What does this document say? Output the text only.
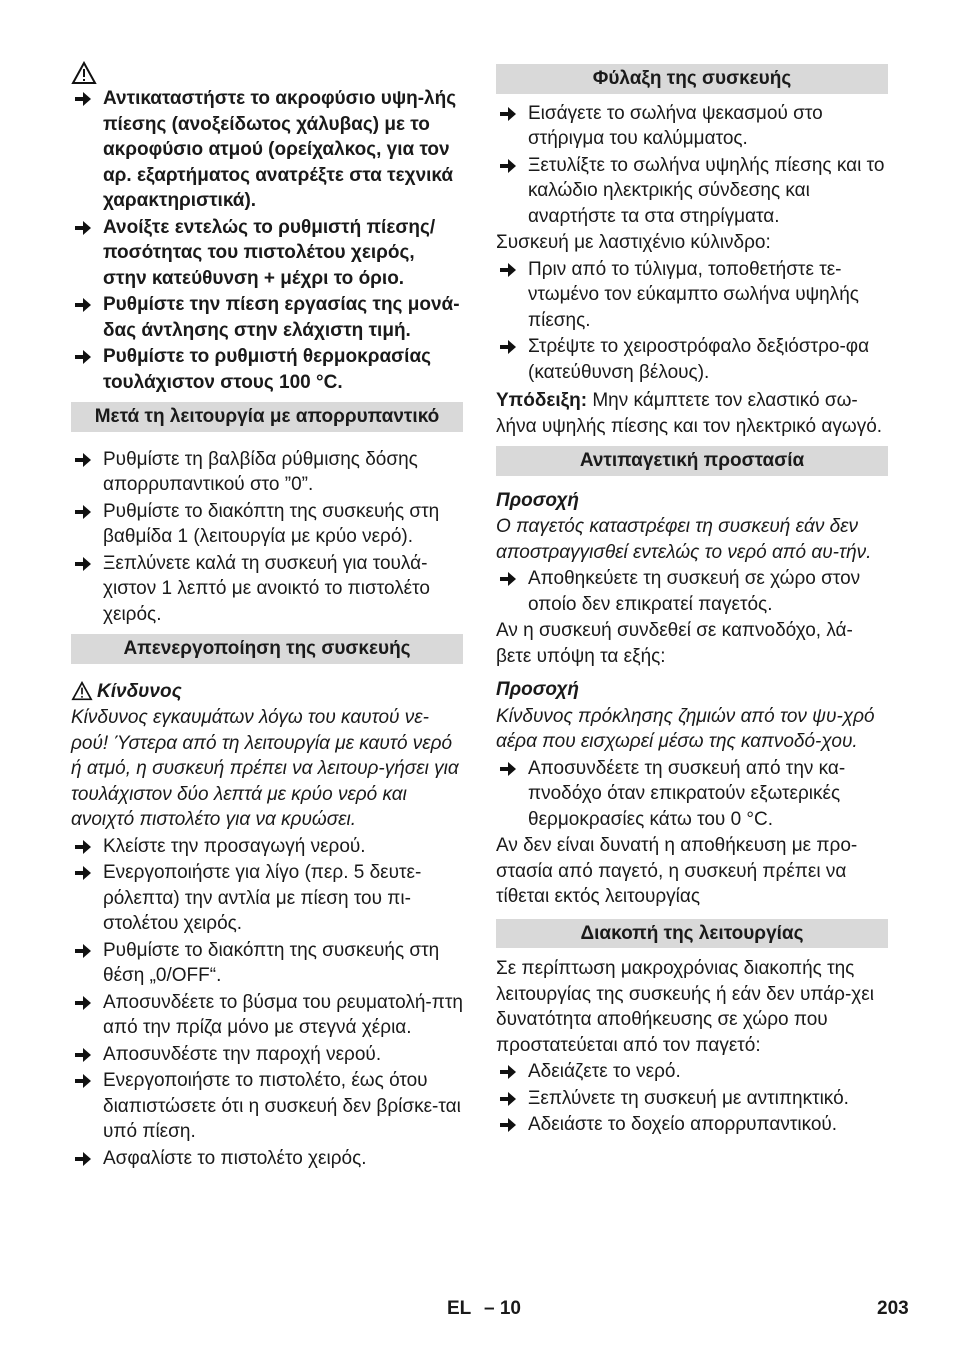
Αντικαταστήστε το ακροφύσιο υψη-λής πίεσης (ανοξείδωτος χάλυβας) με το ακροφύσιο ατμού (ορείχαλκος, για τον αρ. εξαρτήματος ανατρέξτε στα τεχνικά χαρακτηριστικά).
Ανοίξτε εντελώς το ρυθμιστή πίεσης/ποσότητας του πιστολέτου χειρός, στην κατεύθυνση + μέχρι το όριο.
Ρυθμίστε την πίεση εργασίας της μονά-δας άντλησης στην ελάχιστη τιμή.
Ρυθμίστε το ρυθμιστή θερμοκρασίας τουλάχιστον στους 100 °C.
Μετά τη λειτουργία με απορρυπαντικό
Ρυθμίστε τη βαλβίδα ρύθμισης δόσης απορρυπαντικού στο ”0”.
Ρυθμίστε το διακόπτη της συσκευής στη βαθμίδα 1 (λειτουργία με κρύο νερό).
Ξεπλύνετε καλά τη συσκευή για τουλά-χιστον 1 λεπτό με ανοικτό το πιστολέτο χειρός.
Απενεργοποίηση της συσκευής
Κίνδυνος
Κίνδυνος εγκαυμάτων λόγω του καυτού νε-ρού! Ύστερα από τη λειτουργία με καυτό νερό ή ατμό, η συσκευή πρέπει να λειτουρ-γήσει για τουλάχιστον δύο λεπτά με κρύο νερό και ανοιχτό πιστολέτο για να κρυώσει.
Κλείστε την προσαγωγή νερού.
Ενεργοποιήστε για λίγο (περ. 5 δευτε-ρόλεπτα) την αντλία με πίεση του πι-στολέτου χειρός.
Ρυθμίστε το διακόπτη της συσκευής στη θέση „0/OFF“.
Αποσυνδέετε το βύσμα του ρευματολή-πτη από την πρίζα μόνο με στεγνά χέρια.
Αποσυνδέστε την παροχή νερού.
Ενεργοποιήστε το πιστολέτο, έως ότου διαπιστώσετε ότι η συσκευή δεν βρίσκε-ται υπό πίεση.
Ασφαλίστε το πιστολέτο χειρός.
Φύλαξη της συσκευής
Εισάγετε το σωλήνα ψεκασμού στο στήριγμα του καλύμματος.
Ξετυλίξτε το σωλήνα υψηλής πίεσης και το καλώδιο ηλεκτρικής σύνδεσης και αναρτήστε τα στα στηρίγματα.
Συσκευή με λαστιχένιο κύλινδρο:
Πριν από το τύλιγμα, τοποθετήστε τε-ντωμένο τον εύκαμπτο σωλήνα υψηλής πίεσης.
Στρέψτε το χειροστρόφαλο δεξιόστρο-φα (κατεύθυνση βέλους).
Υπόδειξη: Μην κάμπτετε τον ελαστικό σω-λήνα υψηλής πίεσης και τον ηλεκτρικό αγωγό.
Αντιπαγετική προστασία
Προσοχή
Ο παγετός καταστρέφει τη συσκευή εάν δεν αποστραγγισθεί εντελώς το νερό από αυ-τήν.
Αποθηκεύετε τη συσκευή σε χώρο στον οποίο δεν επικρατεί παγετός.
Αν η συσκευή συνδεθεί σε καπνοδόχο, λά-βετε υπόψη τα εξής:
Προσοχή
Κίνδυνος πρόκλησης ζημιών από τον ψυ-χρό αέρα που εισχωρεί μέσω της καπνοδό-χου.
Αποσυνδέετε τη συσκευή από την κα-πνοδόχο όταν επικρατούν εξωτερικές θερμοκρασίες κάτω του 0 °C.
Αν δεν είναι δυνατή η αποθήκευση με προ-στασία από παγετό, η συσκευή πρέπει να τίθεται εκτός λειτουργίας
Διακοπή της λειτουργίας
Σε περίπτωση μακροχρόνιας διακοπής της λειτουργίας της συσκευής ή εάν δεν υπάρ-χει δυνατότητα αποθήκευσης σε χώρο που προστατεύεται από τον παγετό:
Αδειάζετε το νερό.
Ξεπλύνετε τη συσκευή με αντιπηκτικό.
Αδειάστε το δοχείο απορρυπαντικού.
EL – 10	203
